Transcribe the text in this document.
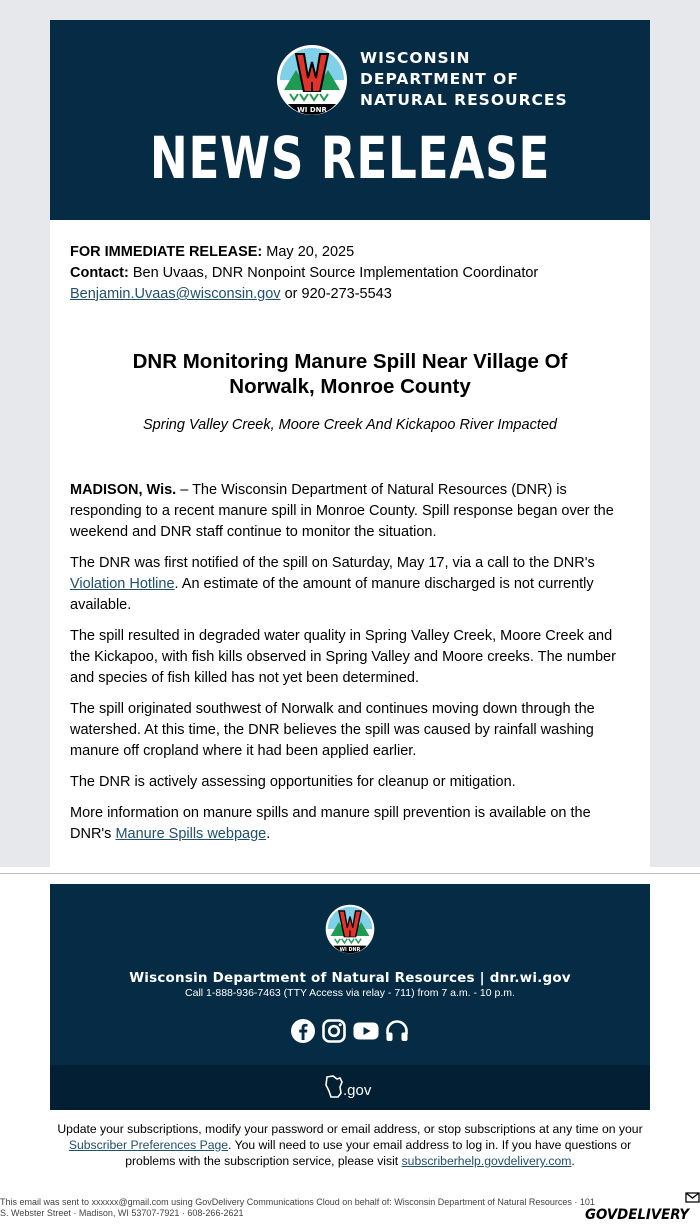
WI DNR
WISCONSIN
DEPARTMENT OF
NATURAL RESOURCES
NEWS RELEASE

FOR IMMEDIATE RELEASE: May 20, 2025

Contact: Ben Uvaas, DNR Nonpoint Source Implementation Coordinator

Benjamin.Uvaas@wisconsin.gov or 920-273-5543

DNR Monitoring Manure Spill Near Village Of Norwalk, Monroe County
Spring Valley Creek, Moore Creek And Kickapoo River Impacted

MADISON, Wis. – The Wisconsin Department of Natural Resources (DNR) is responding to a recent manure spill in Monroe County. Spill response began over the weekend and DNR staff continue to monitor the situation.

The DNR was first notified of the spill on Saturday, May 17, via a call to the DNR's Violation Hotline. An estimate of the amount of manure discharged is not currently available.

The spill resulted in degraded water quality in Spring Valley Creek, Moore Creek and the Kickapoo, with fish kills observed in Spring Valley and Moore creeks. The number and species of fish killed has not yet been determined.

The spill originated southwest of Norwalk and continues moving down through the watershed. At this time, the DNR believes the spill was caused by rainfall washing manure off cropland where it had been applied earlier.

The DNR is actively assessing opportunities for cleanup or mitigation.

More information on manure spills and manure spill prevention is available on the DNR's Manure Spills webpage.

WI DNR
Wisconsin Department of Natural Resources | dnr.wi.gov
Call 1-888-936-7463 (TTY Access via relay - 711) from 7 a.m. - 10 p.m.
.gov
Update your subscriptions, modify your password or email address, or stop subscriptions at any time on your Subscriber Preferences Page. You will need to use your email address to log in. If you have questions or problems with the subscription service, please visit subscriberhelp.govdelivery.com.
This email was sent to xxxxxx@gmail.com using GovDelivery Communications Cloud on behalf of: Wisconsin Department of Natural Resources · 101 S. Webster Street · Madison, WI 53707-7921 · 608-266-2621	GOVDELIVERY
